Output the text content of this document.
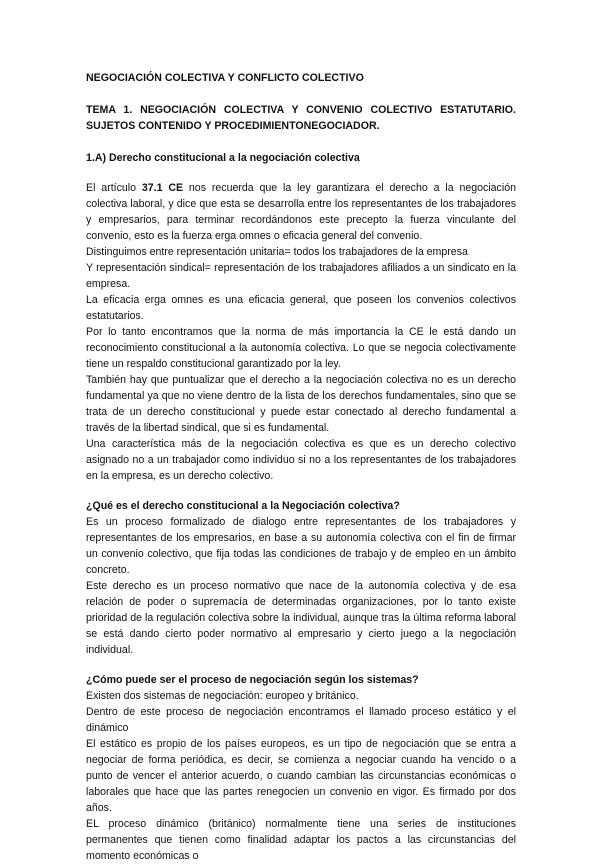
NEGOCIACIÓN COLECTIVA Y CONFLICTO COLECTIVO
TEMA 1. NEGOCIACIÓN COLECTIVA Y CONVENIO COLECTIVO ESTATUTARIO. SUJETOS CONTENIDO Y PROCEDIMIENTONEGOCIADOR.
1.A) Derecho constitucional a la negociación colectiva

El artículo 37.1 CE nos recuerda que la ley garantizara el derecho a la negociación colectiva laboral, y dice que esta se desarrolla entre los representantes de los trabajadores y empresarios, para terminar recordándonos este precepto la fuerza vinculante del convenio, esto es la fuerza erga omnes o eficacia general del convenio.

Distinguimos entre representación unitaria= todos los trabajadores de la empresa

Y representación sindical= representación de los trabajadores afiliados a un sindicato en la empresa.

La eficacia erga omnes es una eficacia general, que poseen los convenios colectivos estatutarios.

Por lo tanto encontramos que la norma de más importancia la CE le está dando un reconocimiento constitucional a la autonomía colectiva. Lo que se negocia colectivamente tiene un respaldo constitucional garantizado por la ley.

También hay que puntualizar que el derecho a la negociación colectiva no es un derecho fundamental ya que no viene dentro de la lista de los derechos fundamentales, sino que se trata de un derecho constitucional y puede estar conectado al derecho fundamental a través de la libertad sindical, que si es fundamental.

Una característica más de la negociación colectiva es que es un derecho colectivo asignado no a un trabajador como individuo si no a los representantes de los trabajadores en la empresa, es un derecho colectivo.

¿Qué es el derecho constitucional a la Negociación colectiva?

Es un proceso formalizado de dialogo entre representantes de los trabajadores y representantes de los empresarios, en base a su autonomía colectiva con el fin de firmar un convenio colectivo, que fija todas las condiciones de trabajo y de empleo en un ámbito concreto.

Este derecho es un proceso normativo que nace de la autonomía colectiva y de esa relación de poder o supremacía de determinadas organizaciones, por lo tanto existe prioridad de la regulación colectiva sobre la individual, aunque tras la última reforma laboral se está dando cierto poder normativo al empresario y cierto juego a la negociación individual.

¿Cómo puede ser el proceso de negociación según los sistemas?

Existen dos sistemas de negociación: europeo y británico.

Dentro de este proceso de negociación encontramos el llamado proceso estático y el dinámico

El estático es propio de los países europeos, es un tipo de negociación que se entra a negociar de forma periódica, es decir, se comienza a negociar cuando ha vencido o a punto de vencer el anterior acuerdo, o cuando cambian las circunstancias económicas o laborales que hace que las partes renegocien un convenio en vigor. Es firmado por dos años.

EL proceso dinámico (británico) normalmente tiene una series de instituciones permanentes que tienen como finalidad adaptar los pactos a las circunstancias del momento económicas o
